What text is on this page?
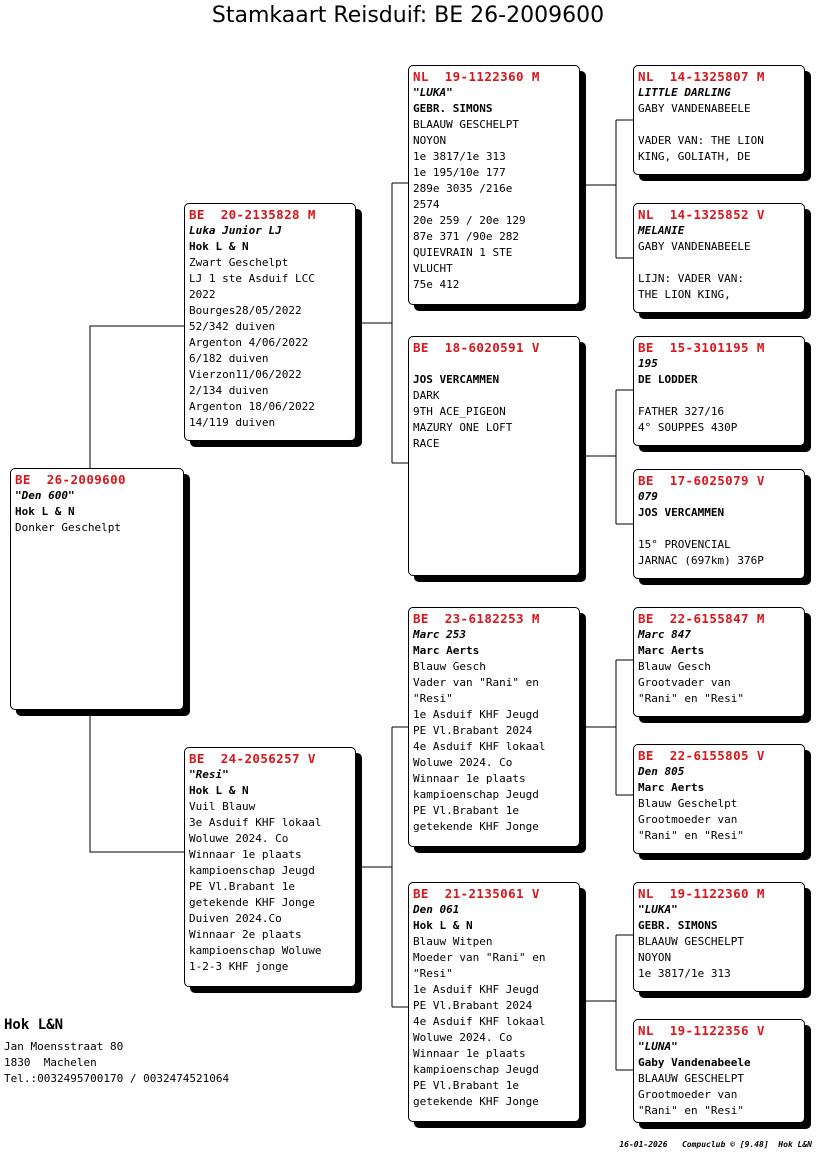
Stamkaart Reisduif: BE 26-2009600
BE  26-2009600
"Den 600"
Hok L & N
Donker Geschelpt
BE  20-2135828 M
Luka Junior LJ
Hok L & N
Zwart Geschelpt
LJ 1 ste Asduif LCC
2022
Bourges28/05/2022
52/342 duiven
Argenton 4/06/2022
6/182 duiven
Vierzon11/06/2022
2/134 duiven
Argenton 18/06/2022
14/119 duiven
BE  24-2056257 V
"Resi"
Hok L & N
Vuil Blauw
3e Asduif KHF lokaal
Woluwe 2024. Co
Winnaar 1e plaats
kampioenschap Jeugd
PE Vl.Brabant 1e
getekende KHF Jonge
Duiven 2024.Co
Winnaar 2e plaats
kampioenschap Woluwe
1-2-3 KHF jonge
NL  19-1122360 M
"LUKA"
GEBR. SIMONS
BLAAUW GESCHELPT
NOYON
1e 3817/1e 313
1e 195/10e 177
289e 3035 /216e
2574
20e 259 / 20e 129
87e 371 /90e 282
QUIEVRAIN 1 STE
VLUCHT
75e 412
BE  18-6020591 V
JOS VERCAMMEN
DARK
9TH ACE_PIGEON
MAZURY ONE LOFT
RACE
BE  23-6182253 M
Marc 253
Marc Aerts
Blauw Gesch
Vader van "Rani" en
"Resi"
1e Asduif KHF Jeugd
PE Vl.Brabant 2024
4e Asduif KHF lokaal
Woluwe 2024. Co
Winnaar 1e plaats
kampioenschap Jeugd
PE Vl.Brabant 1e
getekende KHF Jonge
BE  21-2135061 V
Den 061
Hok L & N
Blauw Witpen
Moeder van "Rani" en
"Resi"
1e Asduif KHF Jeugd
PE Vl.Brabant 2024
4e Asduif KHF lokaal
Woluwe 2024. Co
Winnaar 1e plaats
kampioenschap Jeugd
PE Vl.Brabant 1e
getekende KHF Jonge
NL  14-1325807 M
LITTLE DARLING
GABY VANDENABEELE
VADER VAN: THE LION
KING, GOLIATH, DE
NL  14-1325852 V
MELANIE
GABY VANDENABEELE
LIJN: VADER VAN:
THE LION KING,
BE  15-3101195 M
195
DE LODDER
FATHER 327/16
4° SOUPPES 430P
BE  17-6025079 V
079
JOS VERCAMMEN
15° PROVENCIAL
JARNAC (697km) 376P
BE  22-6155847 M
Marc 847
Marc Aerts
Blauw Gesch
Grootvader van
"Rani" en "Resi"
BE  22-6155805 V
Den 805
Marc Aerts
Blauw Geschelpt
Grootmoeder van
"Rani" en "Resi"
NL  19-1122360 M
"LUKA"
GEBR. SIMONS
BLAAUW GESCHELPT
NOYON
1e 3817/1e 313
NL  19-1122356 V
"LUNA"
Gaby Vandenabeele
BLAAUW GESCHELPT
Grootmoeder van
"Rani" en "Resi"
Hok L&N
Jan Moensstraat 80
1830  Machelen
Tel.:0032495700170 / 0032474521064
16-01-2026   Compuclub © [9.48]  Hok L&N
